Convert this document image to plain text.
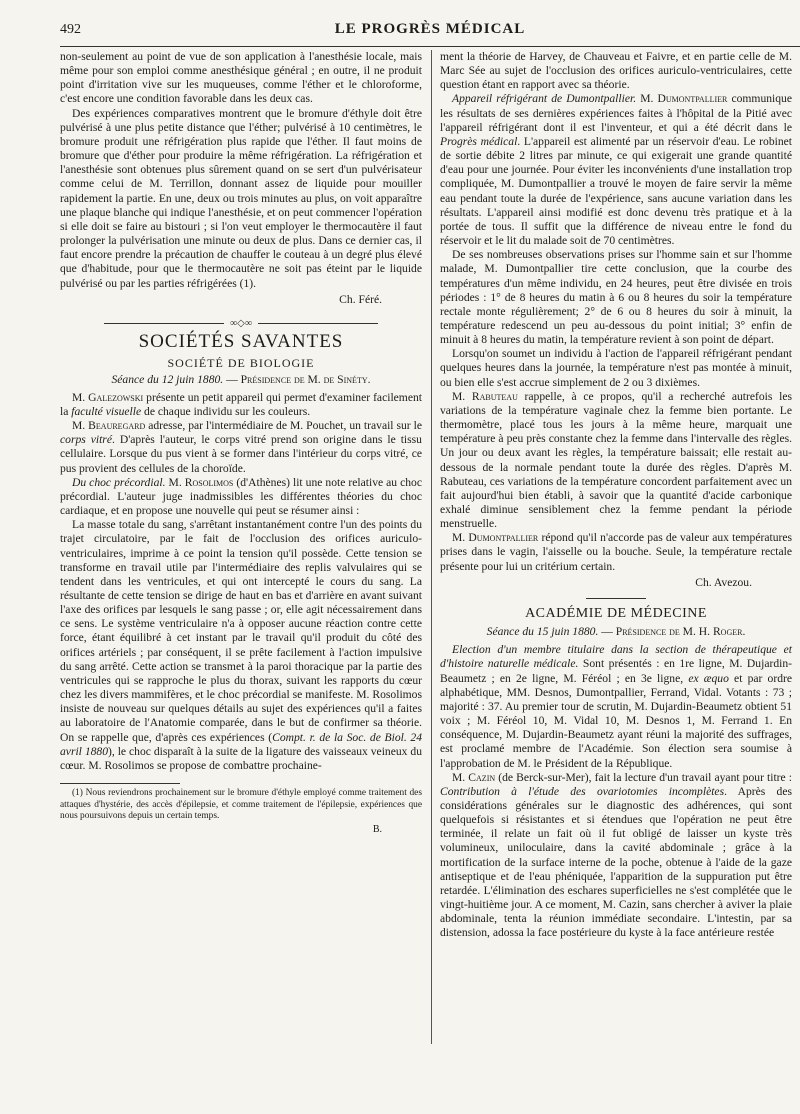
492	LE PROGRÈS MÉDICAL

non-seulement au point de vue de son application à l'anesthésie locale, mais même pour son emploi comme anesthésique général ; en outre, il ne produit point d'irritation vive sur les muqueuses, comme l'éther et le chloroforme, c'est encore une condition favorable dans les deux cas.

Des expériences comparatives montrent que le bromure d'éthyle doit être pulvérisé à une plus petite distance que l'éther; pulvérisé à 10 centimètres, le bromure produit une réfrigération plus rapide que l'éther. Il faut moins de bromure que d'éther pour produire la même réfrigération. La réfrigération et l'anesthésie sont obtenues plus sûrement quand on se sert d'un pulvérisateur comme celui de M. Terrillon, donnant assez de liquide pour mouiller rapidement la partie. En une, deux ou trois minutes au plus, on voit apparaître une plaque blanche qui indique l'anesthésie, et on peut commencer l'opération si elle doit se faire au bistouri ; si l'on veut employer le thermocautère il faut prolonger la pulvérisation une minute ou deux de plus. Dans ce dernier cas, il faut encore prendre la précaution de chauffer le couteau à un degré plus élevé que d'habitude, pour que le thermocautère ne soit pas éteint par le liquide pulvérisé ou par les parties réfrigérées (1).

Ch. Féré.
∞◇∞
SOCIÉTÉS SAVANTES
SOCIÉTÉ DE BIOLOGIE
Séance du 12 juin 1880. — Présidence de M. de Sinéty.

M. Galezowski présente un petit appareil qui permet d'examiner facilement la faculté visuelle de chaque individu sur les couleurs.

M. Beauregard adresse, par l'intermédiaire de M. Pouchet, un travail sur le corps vitré. D'après l'auteur, le corps vitré prend son origine dans le tissu cellulaire. Lorsque du pus vient à se former dans l'intérieur du corps vitré, ce pus provient des cellules de la choroïde.

Du choc précordial. M. Rosolimos (d'Athènes) lit une note relative au choc précordial. L'auteur juge inadmissibles les différentes théories du choc cardiaque, et en propose une nouvelle qui peut se résumer ainsi :

La masse totale du sang, s'arrêtant instantanément contre l'un des points du trajet circulatoire, par le fait de l'occlusion des orifices auriculo-ventriculaires, imprime à ce point la tension qu'il possède. Cette tension se transforme en travail utile par l'intermédiaire des replis valvulaires qui se tendent dans les ventricules, et qui ont intercepté le cours du sang. La résultante de cette tension se dirige de haut en bas et d'arrière en avant suivant l'axe des orifices par lesquels le sang passe ; or, elle agit nécessairement dans ce sens. Le système ventriculaire n'a à opposer aucune réaction contre cette force, étant équilibré à cet instant par le travail qu'il produit du côté des orifices artériels ; par conséquent, il se prête facilement à l'action impulsive du sang arrêté. Cette action se transmet à la paroi thoracique par la partie des ventricules qui se rapproche le plus du thorax, suivant les rapports du cœur chez les divers mammifères, et le choc précordial se manifeste. M. Rosolimos insiste de nouveau sur quelques détails au sujet des expériences qu'il a faites au laboratoire de l'Anatomie comparée, dans le but de confirmer sa théorie. On se rappelle que, d'après ces expériences (Compt. r. de la Soc. de Biol. 24 avril 1880), le choc disparaît à la suite de la ligature des vaisseaux veineux du cœur. M. Rosolimos se propose de combattre prochaine-

(1) Nous reviendrons prochainement sur le bromure d'éthyle employé comme traitement des attaques d'hystérie, des accès d'épilepsie, et comme traitement de l'épilepsie, expériences que nous poursuivons depuis un certain temps.

B.

ment la théorie de Harvey, de Chauveau et Faivre, et en partie celle de M. Marc Sée au sujet de l'occlusion des orifices auriculo-ventriculaires, cette question étant en rapport avec sa théorie.

Appareil réfrigérant de Dumontpallier. M. Dumontpallier communique les résultats de ses dernières expériences faites à l'hôpital de la Pitié avec l'appareil réfrigérant dont il est l'inventeur, et qui a été décrit dans le Progrès médical. L'appareil est alimenté par un réservoir d'eau. Le robinet de sortie débite 2 litres par minute, ce qui exigerait une grande quantité d'eau pour une journée. Pour éviter les inconvénients d'une installation trop compliquée, M. Dumontpallier a trouvé le moyen de faire servir la même eau pendant toute la durée de l'expérience, sans aucune variation dans les résultats. L'appareil ainsi modifié est donc devenu très pratique et à la portée de tous. Il suffit que la différence de niveau entre le fond du réservoir et le lit du malade soit de 70 centimètres.

De ses nombreuses observations prises sur l'homme sain et sur l'homme malade, M. Dumontpallier tire cette conclusion, que la courbe des températures d'un même individu, en 24 heures, peut être divisée en trois périodes : 1° de 8 heures du matin à 6 ou 8 heures du soir la température rectale monte régulièrement; 2° de 6 ou 8 heures du soir à minuit, la température redescend un peu au-dessous du point initial; 3° enfin de minuit à 8 heures du matin, la température revient à son point de départ.

Lorsqu'on soumet un individu à l'action de l'appareil réfrigérant pendant quelques heures dans la journée, la température n'est pas montée à minuit, ou bien elle s'est accrue simplement de 2 ou 3 dixièmes.

M. Rabuteau rappelle, à ce propos, qu'il a recherché autrefois les variations de la température vaginale chez la femme bien portante. Le thermomètre, placé tous les jours à la même heure, marquait une température à peu près constante chez la femme dans l'intervalle des règles. Un jour ou deux avant les règles, la température baissait; elle restait au-dessous de la normale pendant toute la durée des règles. D'après M. Rabuteau, ces variations de la température concordent parfaitement avec un fait aujourd'hui bien établi, à savoir que la quantité d'acide carbonique exhalé diminue sensiblement chez la femme pendant la période menstruelle.

M. Dumontpallier répond qu'il n'accorde pas de valeur aux températures prises dans le vagin, l'aisselle ou la bouche. Seule, la température rectale présente pour lui un critérium certain.

Ch. Avezou.
ACADÉMIE DE MÉDECINE
Séance du 15 juin 1880. — Présidence de M. H. Roger.

Election d'un membre titulaire dans la section de thérapeutique et d'histoire naturelle médicale. Sont présentés : en 1re ligne, M. Dujardin-Beaumetz ; en 2e ligne, M. Féréol ; en 3e ligne, ex æquo et par ordre alphabétique, MM. Desnos, Dumontpallier, Ferrand, Vidal. Votants : 73 ; majorité : 37. Au premier tour de scrutin, M. Dujardin-Beaumetz obtient 51 voix ; M. Féréol 10, M. Vidal 10, M. Desnos 1, M. Ferrand 1. En conséquence, M. Dujardin-Beaumetz ayant réuni la majorité des suffrages, est proclamé membre de l'Académie. Son élection sera soumise à l'approbation de M. le Président de la République.

M. Cazin (de Berck-sur-Mer), fait la lecture d'un travail ayant pour titre : Contribution à l'étude des ovariotomies incomplètes. Après des considérations générales sur le diagnostic des adhérences, qui sont quelquefois si résistantes et si étendues que l'opération ne peut être terminée, il relate un fait où il fut obligé de laisser un kyste très volumineux, uniloculaire, dans la cavité abdominale ; grâce à la mortification de la surface interne de la poche, obtenue à l'aide de la gaze antiseptique et de l'eau phéniquée, l'apparition de la suppuration put être retardée. L'élimination des eschares superficielles ne s'est complétée que le vingt-huitième jour. A ce moment, M. Cazin, sans chercher à aviver la plaie abdominale, tenta la réunion immédiate secondaire. L'intestin, par sa distension, adossa la face postérieure du kyste à la face antérieure restée
